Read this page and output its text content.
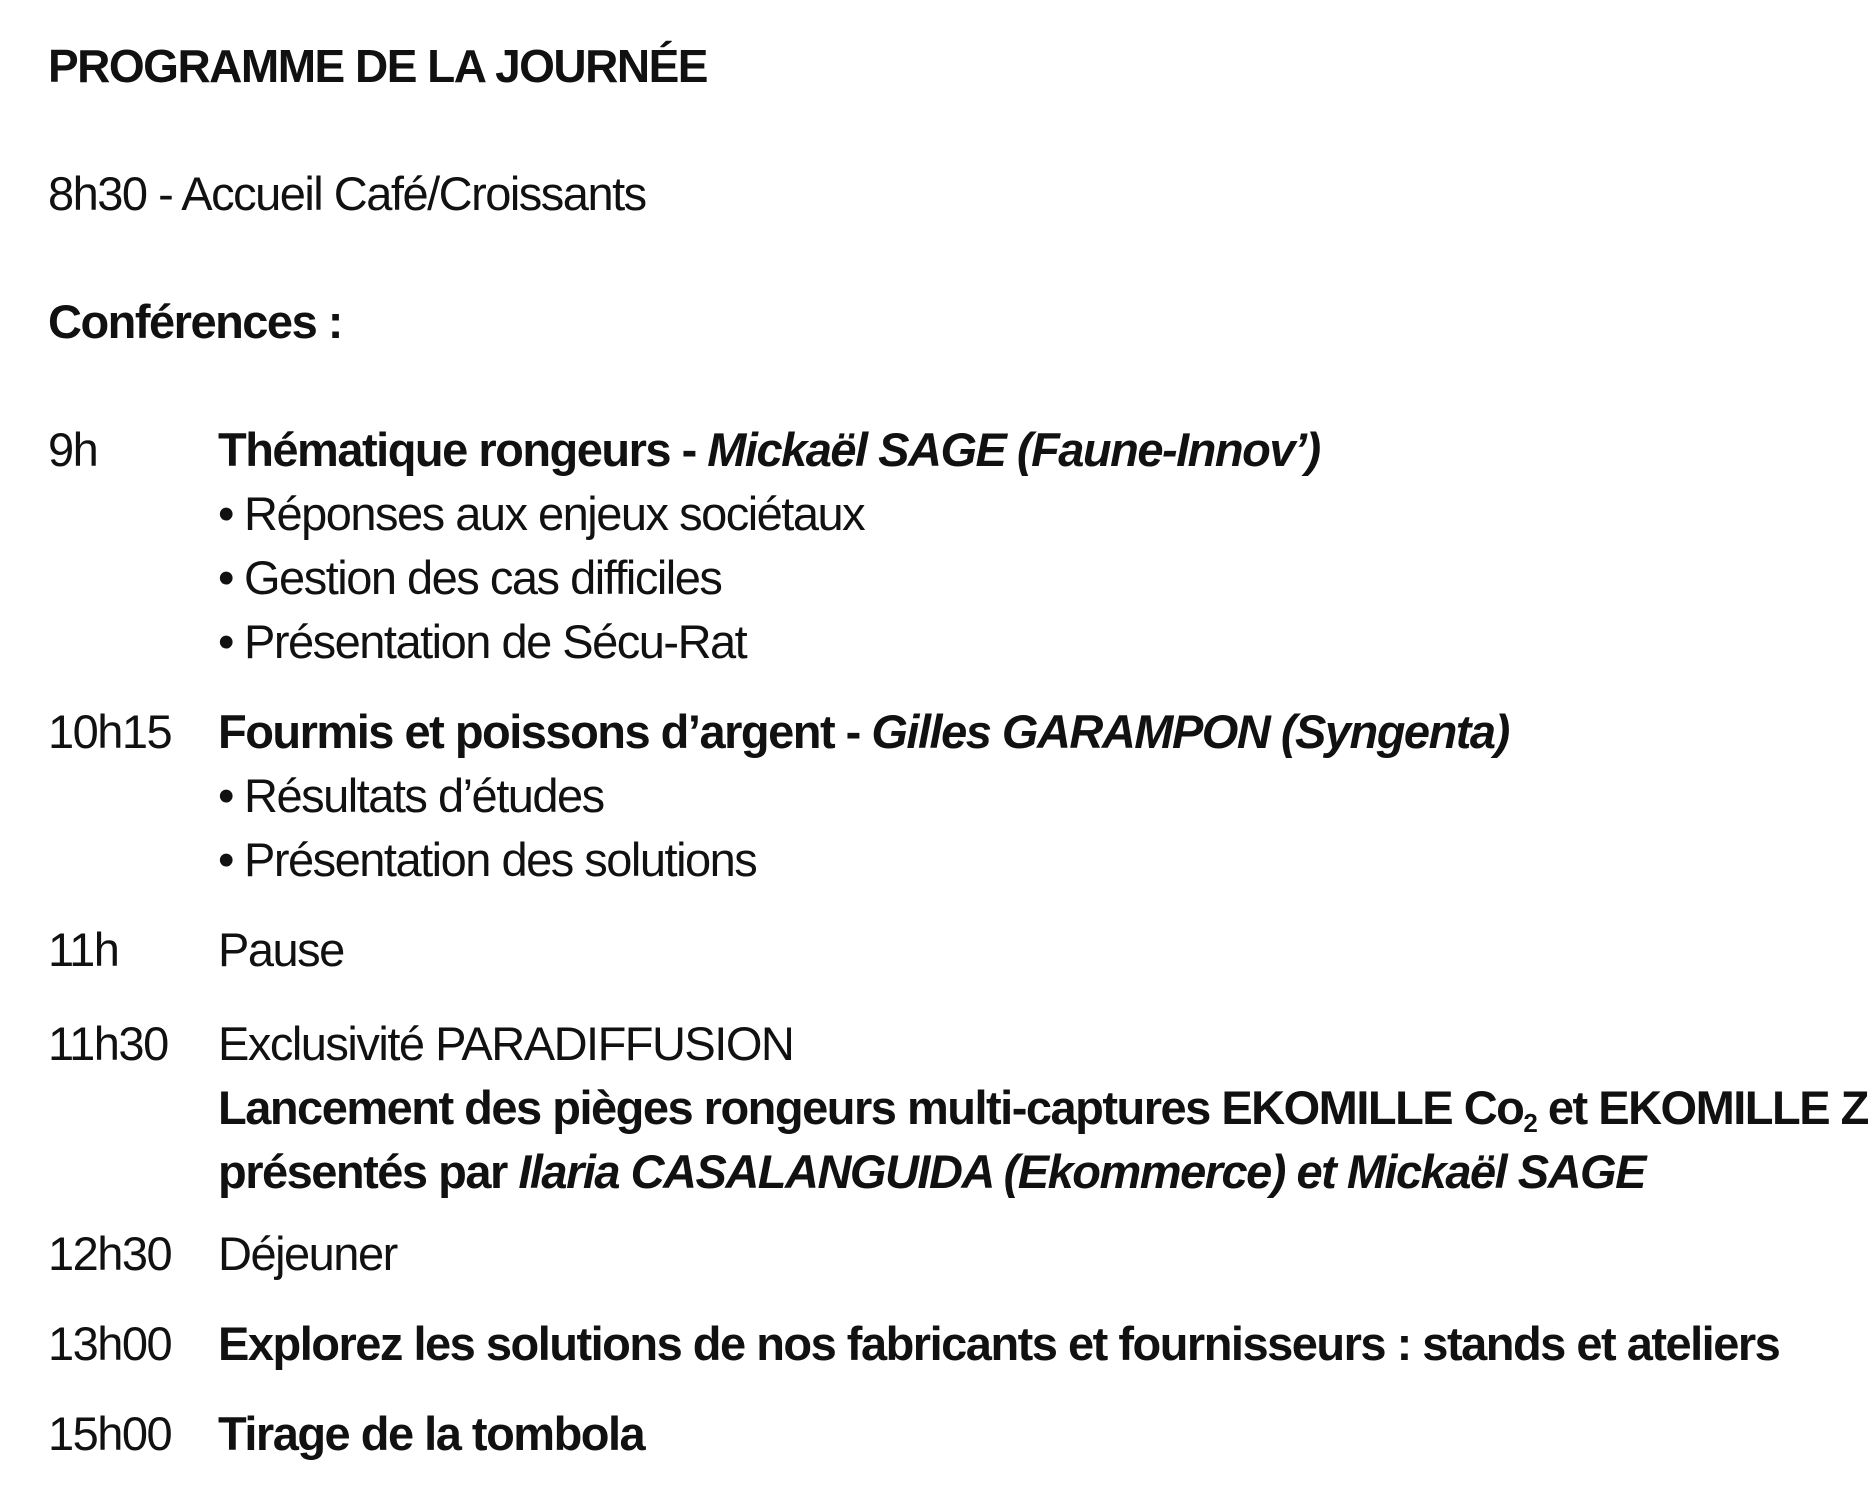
PROGRAMME DE LA JOURNÉE
8h30 - Accueil Café/Croissants
Conférences :
9h	Thématique rongeurs - Mickaël SAGE (Faune-Innov’)
• Réponses aux enjeux sociétaux
• Gestion des cas difficiles
• Présentation de Sécu-Rat
10h15 Fourmis et poissons d’argent - Gilles GARAMPON (Syngenta)
• Résultats d’études
• Présentation des solutions
11h Pause
11h30 Exclusivité PARADIFFUSION
Lancement des pièges rongeurs multi-captures EKOMILLE $Co_2$ et EKOMILLE Z
présentés par Ilaria CASALANGUIDA (Ekommerce) et Mickaël SAGE
12h30 Déjeuner
13h00 Explorez les solutions de nos fabricants et fournisseurs : stands et ateliers
15h00 Tirage de la tombola
